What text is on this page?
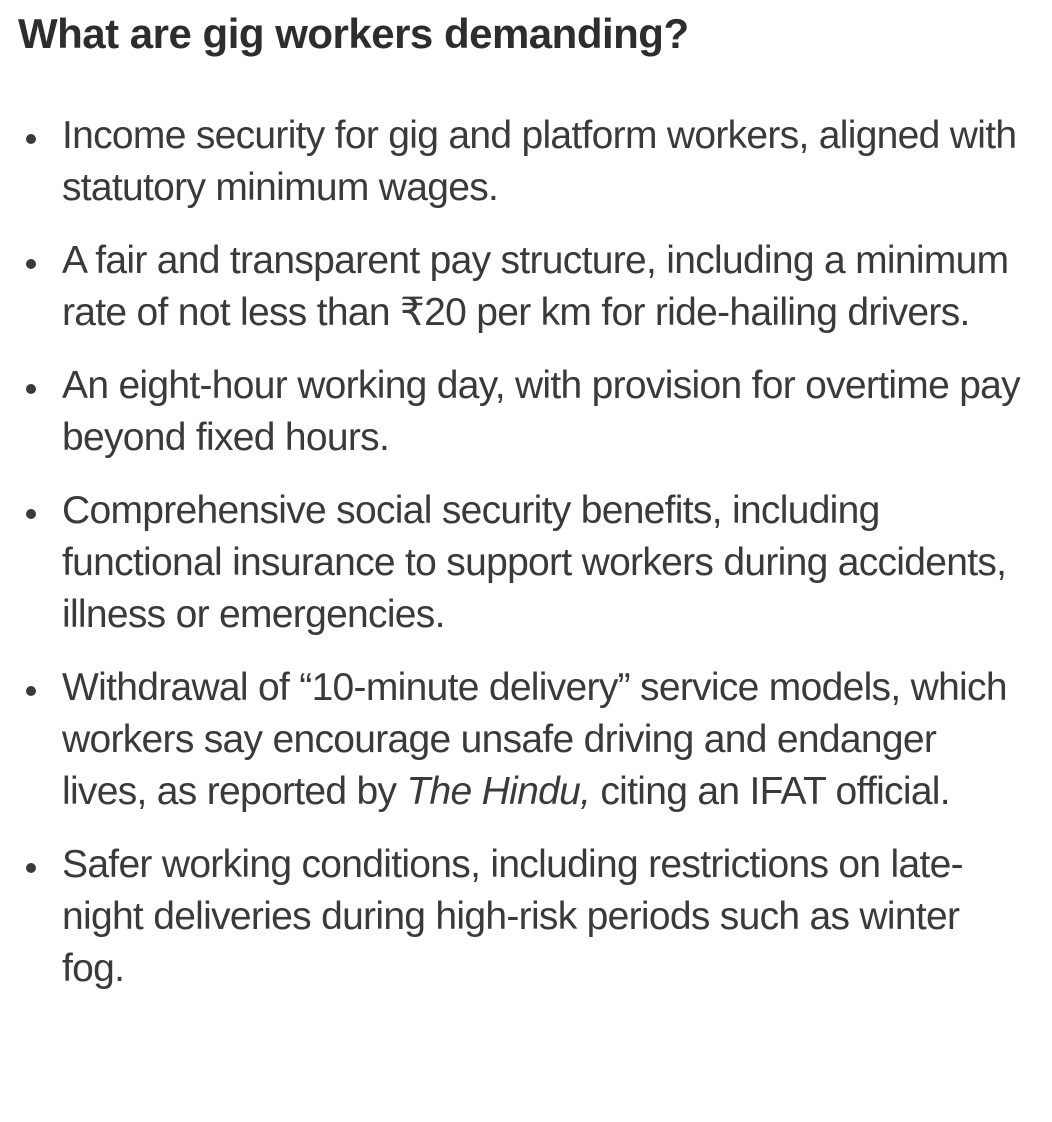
What are gig workers demanding?
• Income security for gig and platform workers, aligned with statutory minimum wages.
• A fair and transparent pay structure, including a minimum rate of not less than ₹20 per km for ride-hailing drivers.
• An eight-hour working day, with provision for overtime pay beyond fixed hours.
• Comprehensive social security benefits, including functional insurance to support workers during accidents, illness or emergencies.
• Withdrawal of “10-minute delivery” service models, which workers say encourage unsafe driving and endanger lives, as reported by The Hindu, citing an IFAT official.
• Safer working conditions, including restrictions on late-night deliveries during high-risk periods such as winter fog.
